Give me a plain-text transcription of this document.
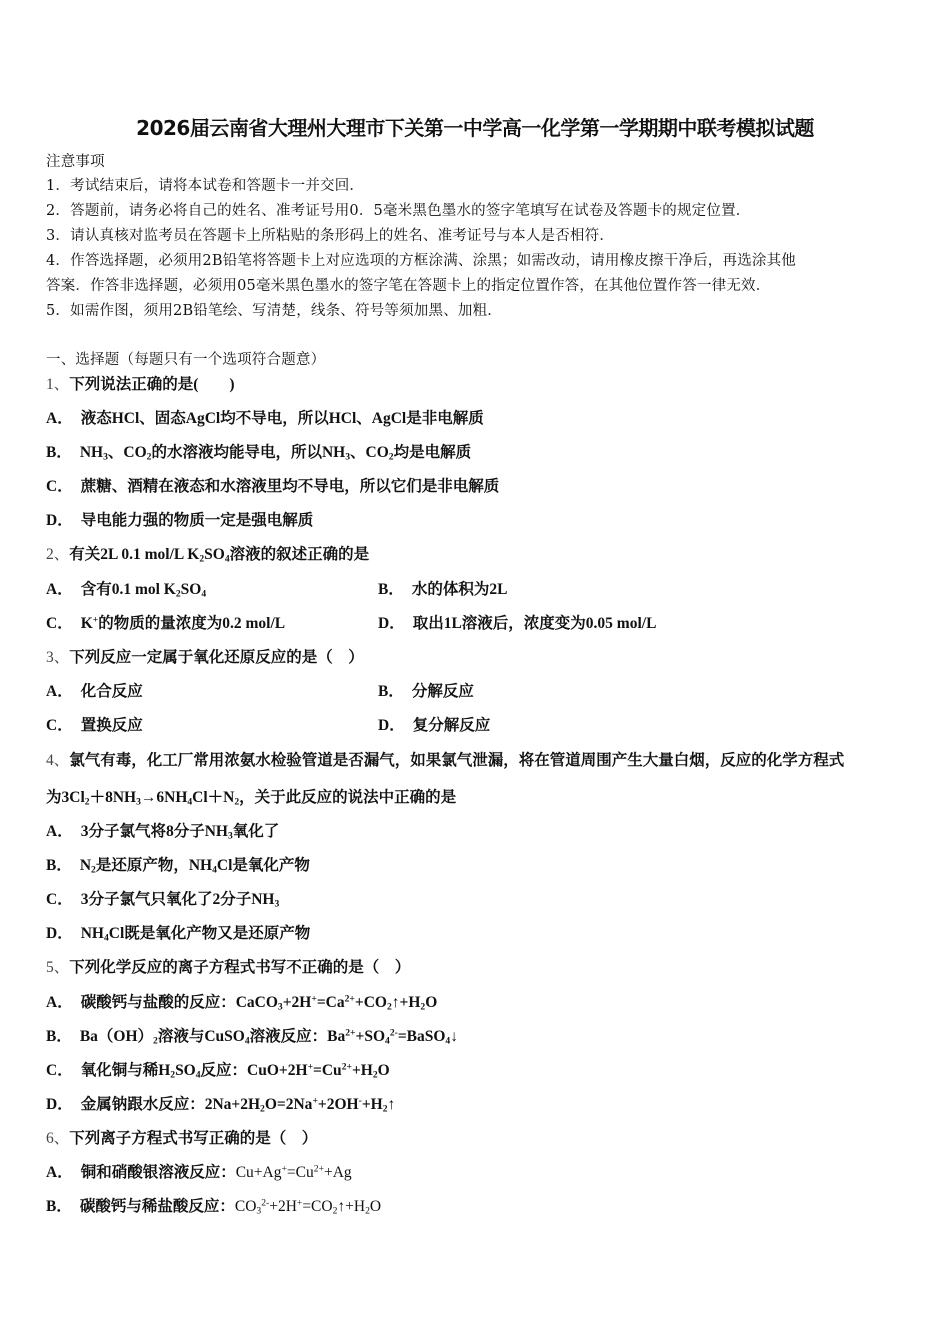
2026届云南省大理州大理市下关第一中学高一化学第一学期期中联考模拟试题
注意事项
1．考试结束后，请将本试卷和答题卡一并交回．
2．答题前，请务必将自己的姓名、准考证号用0．5毫米黑色墨水的签字笔填写在试卷及答题卡的规定位置．
3．请认真核对监考员在答题卡上所粘贴的条形码上的姓名、准考证号与本人是否相符．
4．作答选择题，必须用2B铅笔将答题卡上对应选项的方框涂满、涂黑；如需改动，请用橡皮擦干净后，再选涂其他
答案．作答非选择题，必须用05毫米黑色墨水的签字笔在答题卡上的指定位置作答，在其他位置作答一律无效．
5．如需作图，须用2B铅笔绘、写清楚，线条、符号等须加黑、加粗．
一、选择题（每题只有一个选项符合题意）
1、下列说法正确的是(　　)
A． 液态HCl、固态AgCl均不导电，所以HCl、AgCl是非电解质
B． $NH_3$、$CO_2$的水溶液均能导电，所以$NH_3$、$CO_2$均是电解质
C． 蔗糖、酒精在液态和水溶液里均不导电，所以它们是非电解质
D． 导电能力强的物质一定是强电解质
2、有关2L 0.1 mol/L $K_2SO_4$溶液的叙述正确的是
A． 含有0.1 mol $K_2SO_4$	B． 水的体积为2L
C． K+的物质的量浓度为0.2 mol/L	D． 取出1L溶液后，浓度变为0.05 mol/L
3、下列反应一定属于氧化还原反应的是（　）
A． 化合反应	B． 分解反应
C． 置换反应	D． 复分解反应
4、氯气有毒，化工厂常用浓氨水检验管道是否漏气，如果氯气泄漏，将在管道周围产生大量白烟，反应的化学方程式
为$3Cl_2+8NH_3\to 6NH_4Cl+N_2$，关于此反应的说法中正确的是
A． 3分子氯气将8分子$NH_3$氧化了
B． $N_2$是还原产物，$NH_4Cl$是氧化产物
C． 3分子氯气只氧化了2分子$NH_3$
D． $NH_4Cl$既是氧化产物又是还原产物
5、下列化学反应的离子方程式书写不正确的是（　）
A． 碳酸钙与盐酸的反应：$CaCO_3+2H^+=Ca^{2+}+CO_2↑+H_2O$
B． $Ba(OH)_2$溶液与CuSO$_4$溶液反应：$Ba^{2+}+SO_4^{2-}=BaSO_4↓$
C． 氧化铜与稀$H_2SO_4$反应：$CuO+2H^+=Cu^{2+}+H_2O$
D． 金属钠跟水反应：$2Na+2H_2O=2Na^++2OH^-+H_2↑$
6、下列离子方程式书写正确的是（　）
A． 铜和硝酸银溶液反应：$Cu+Ag^+=Cu^{2+}+Ag$
B． 碳酸钙与稀盐酸反应：$CO_3^{2-}+2H^+=CO_2↑+H_2O$
